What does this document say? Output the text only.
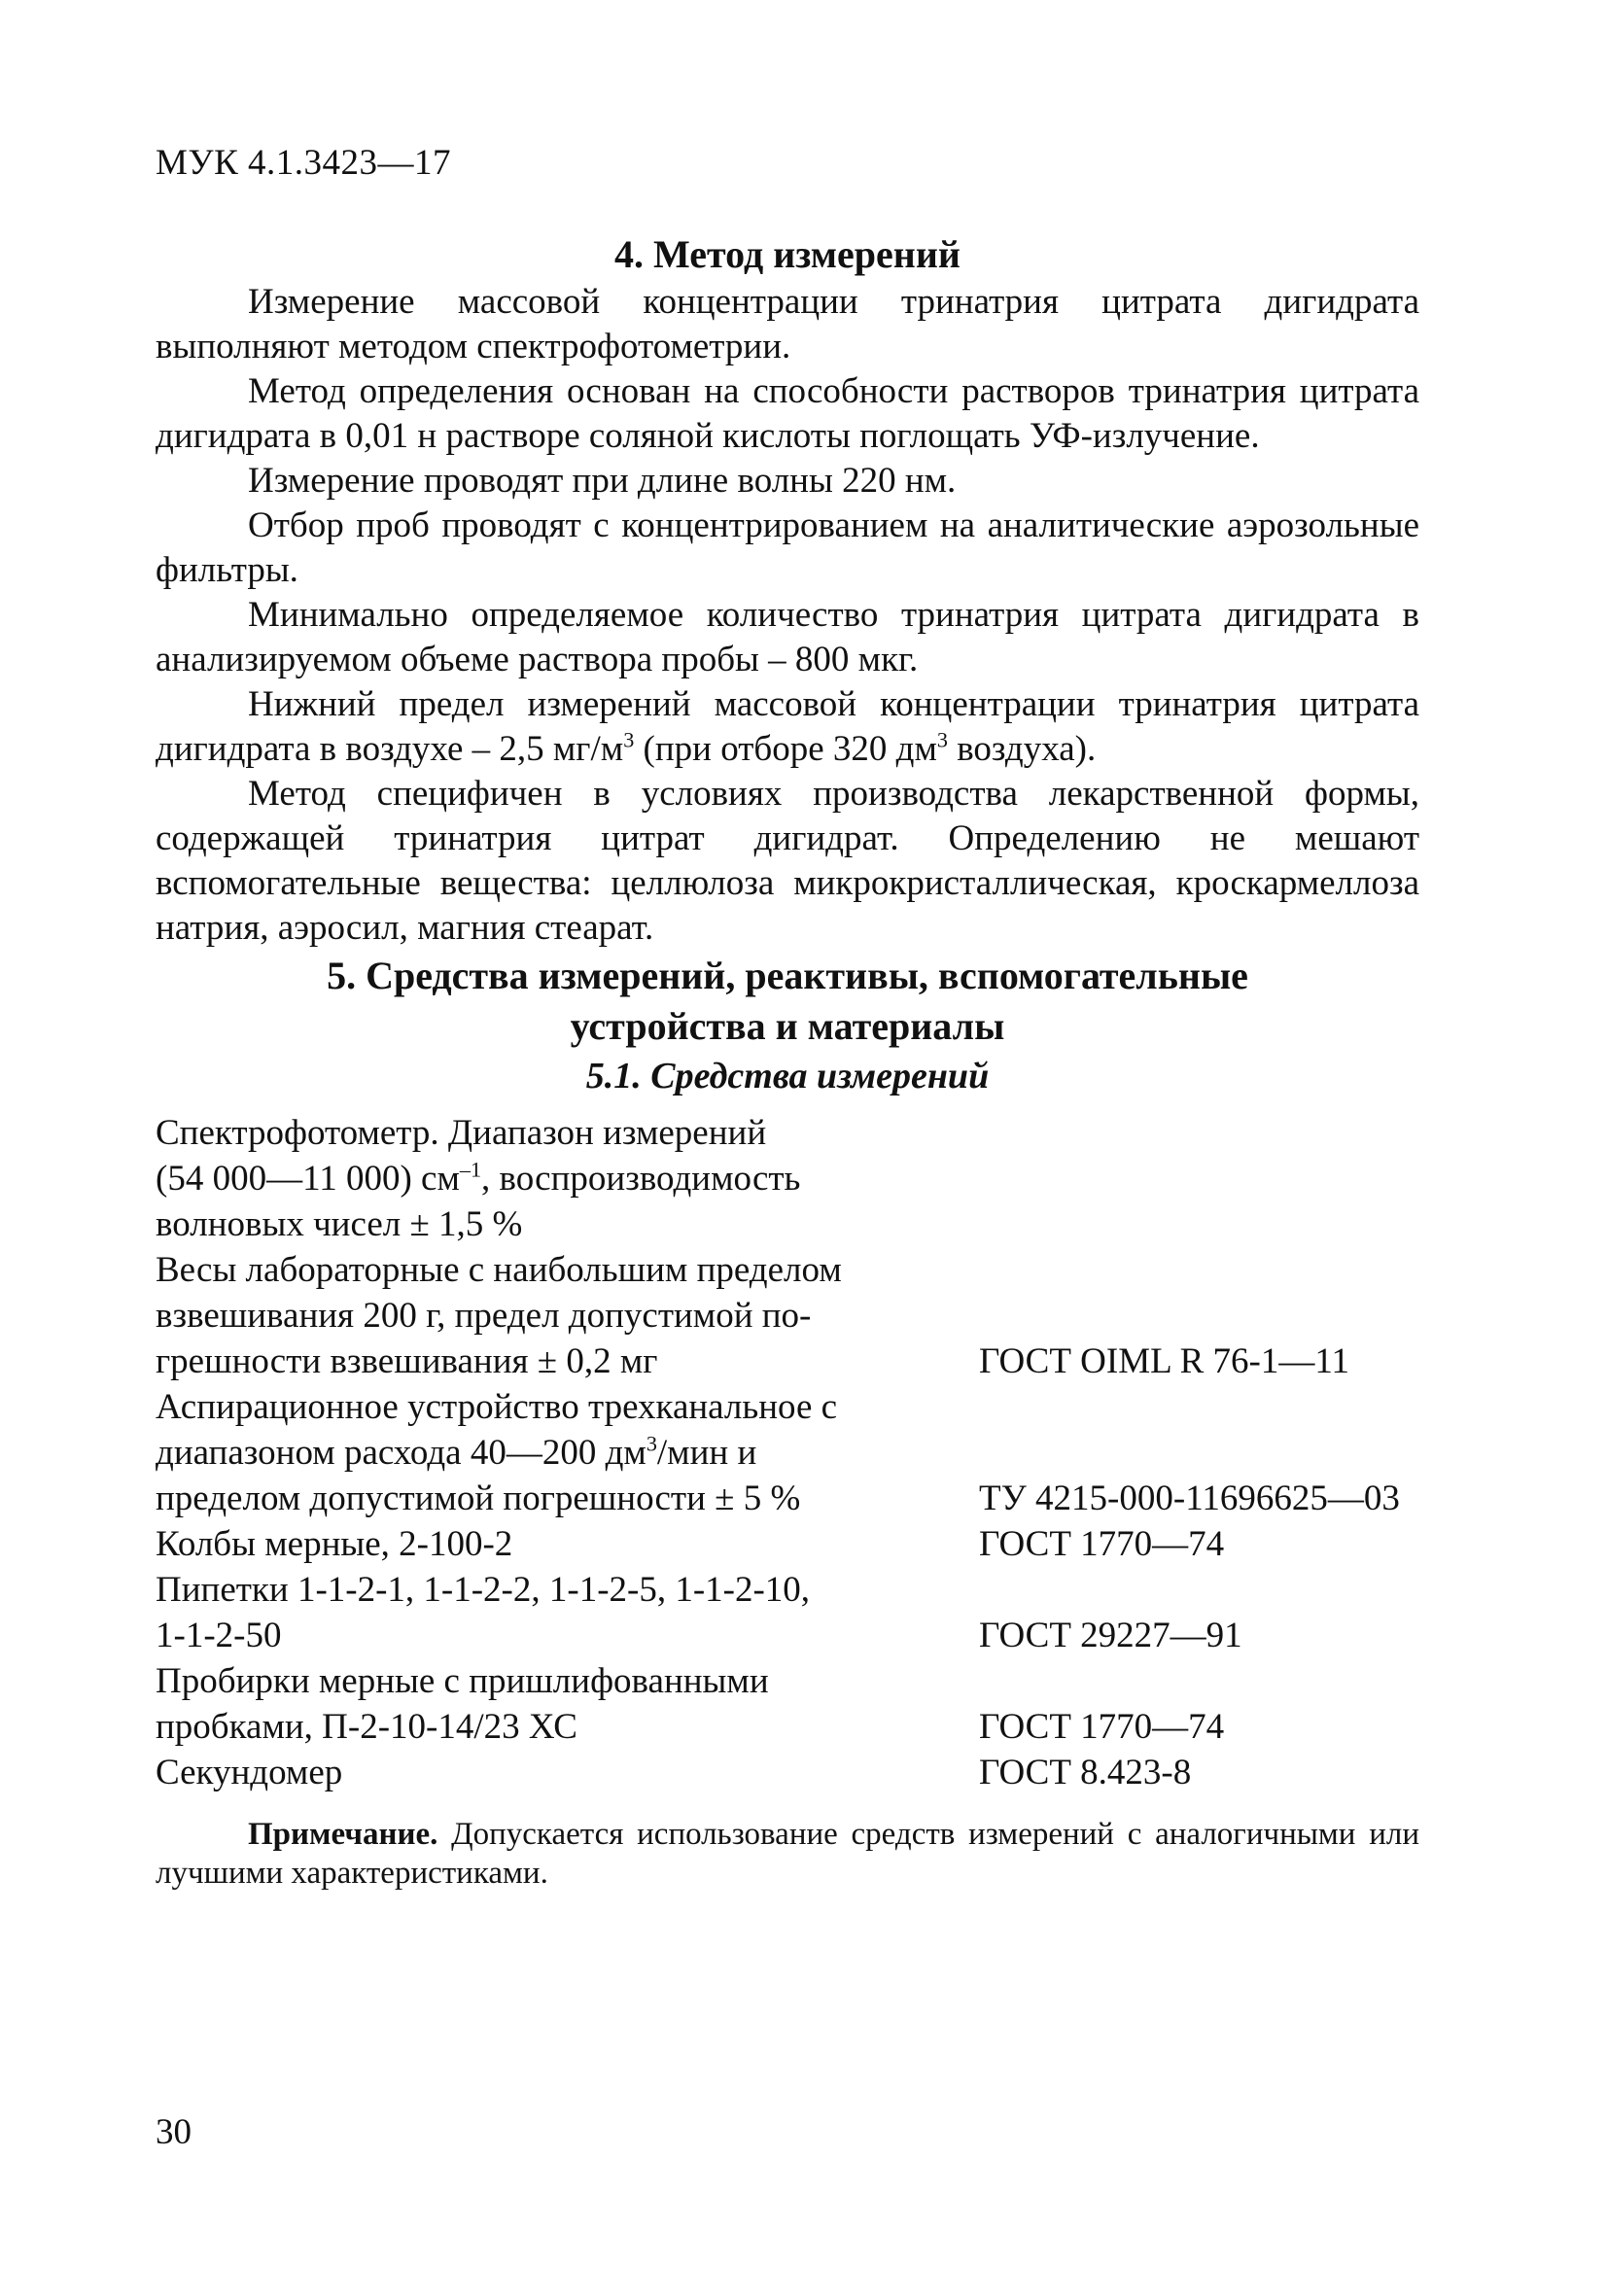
МУК 4.1.3423—17
4. Метод измерений

Измерение массовой концентрации тринатрия цитрата дигидрата выполняют методом спектрофотометрии.

Метод определения основан на способности растворов тринатрия цитрата дигидрата в 0,01 н растворе соляной кислоты поглощать УФ-излучение.

Измерение проводят при длине волны 220 нм.

Отбор проб проводят с концентрированием на аналитические аэрозольные фильтры.

Минимально определяемое количество тринатрия цитрата дигидрата в анализируемом объеме раствора пробы – 800 мкг.

Нижний предел измерений массовой концентрации тринатрия цитрата дигидрата в воздухе – 2,5 $мг/м^3$ (при отборе 320 $дм^3$ воздуха).

Метод специфичен в условиях производства лекарственной формы, содержащей тринатрия цитрат дигидрат. Определению не мешают вспомогательные вещества: целлюлоза микрокристаллическая, кроскармеллоза натрия, аэросил, магния стеарат.

5. Средства измерений, реактивы, вспомогательные
устройства и материалы
5.1. Средства измерений
Спектрофотометр. Диапазон измерений
(54 000—11 000) $см^{-1}$, воспроизводимость
волновых чисел ± 1,5 %
Весы лабораторные с наибольшим пределом
взвешивания 200 г, предел допустимой по-
грешности взвешивания ± 0,2 мг	ГОСТ OIML R 76-1—11
Аспирационное устройство трехканальное с
диапазоном расхода 40—200 $дм^3$/мин и
пределом допустимой погрешности ± 5 %	ТУ 4215-000-11696625—03
Колбы мерные, 2-100-2	ГОСТ 1770—74
Пипетки 1-1-2-1, 1-1-2-2, 1-1-2-5, 1-1-2-10,
1-1-2-50	ГОСТ 29227—91
Пробирки мерные с пришлифованными
пробками, П-2-10-14/23 ХС	ГОСТ 1770—74
Секундомер	ГОСТ 8.423-8

Примечание. Допускается использование средств измерений с аналогичными или лучшими характеристиками.

30
